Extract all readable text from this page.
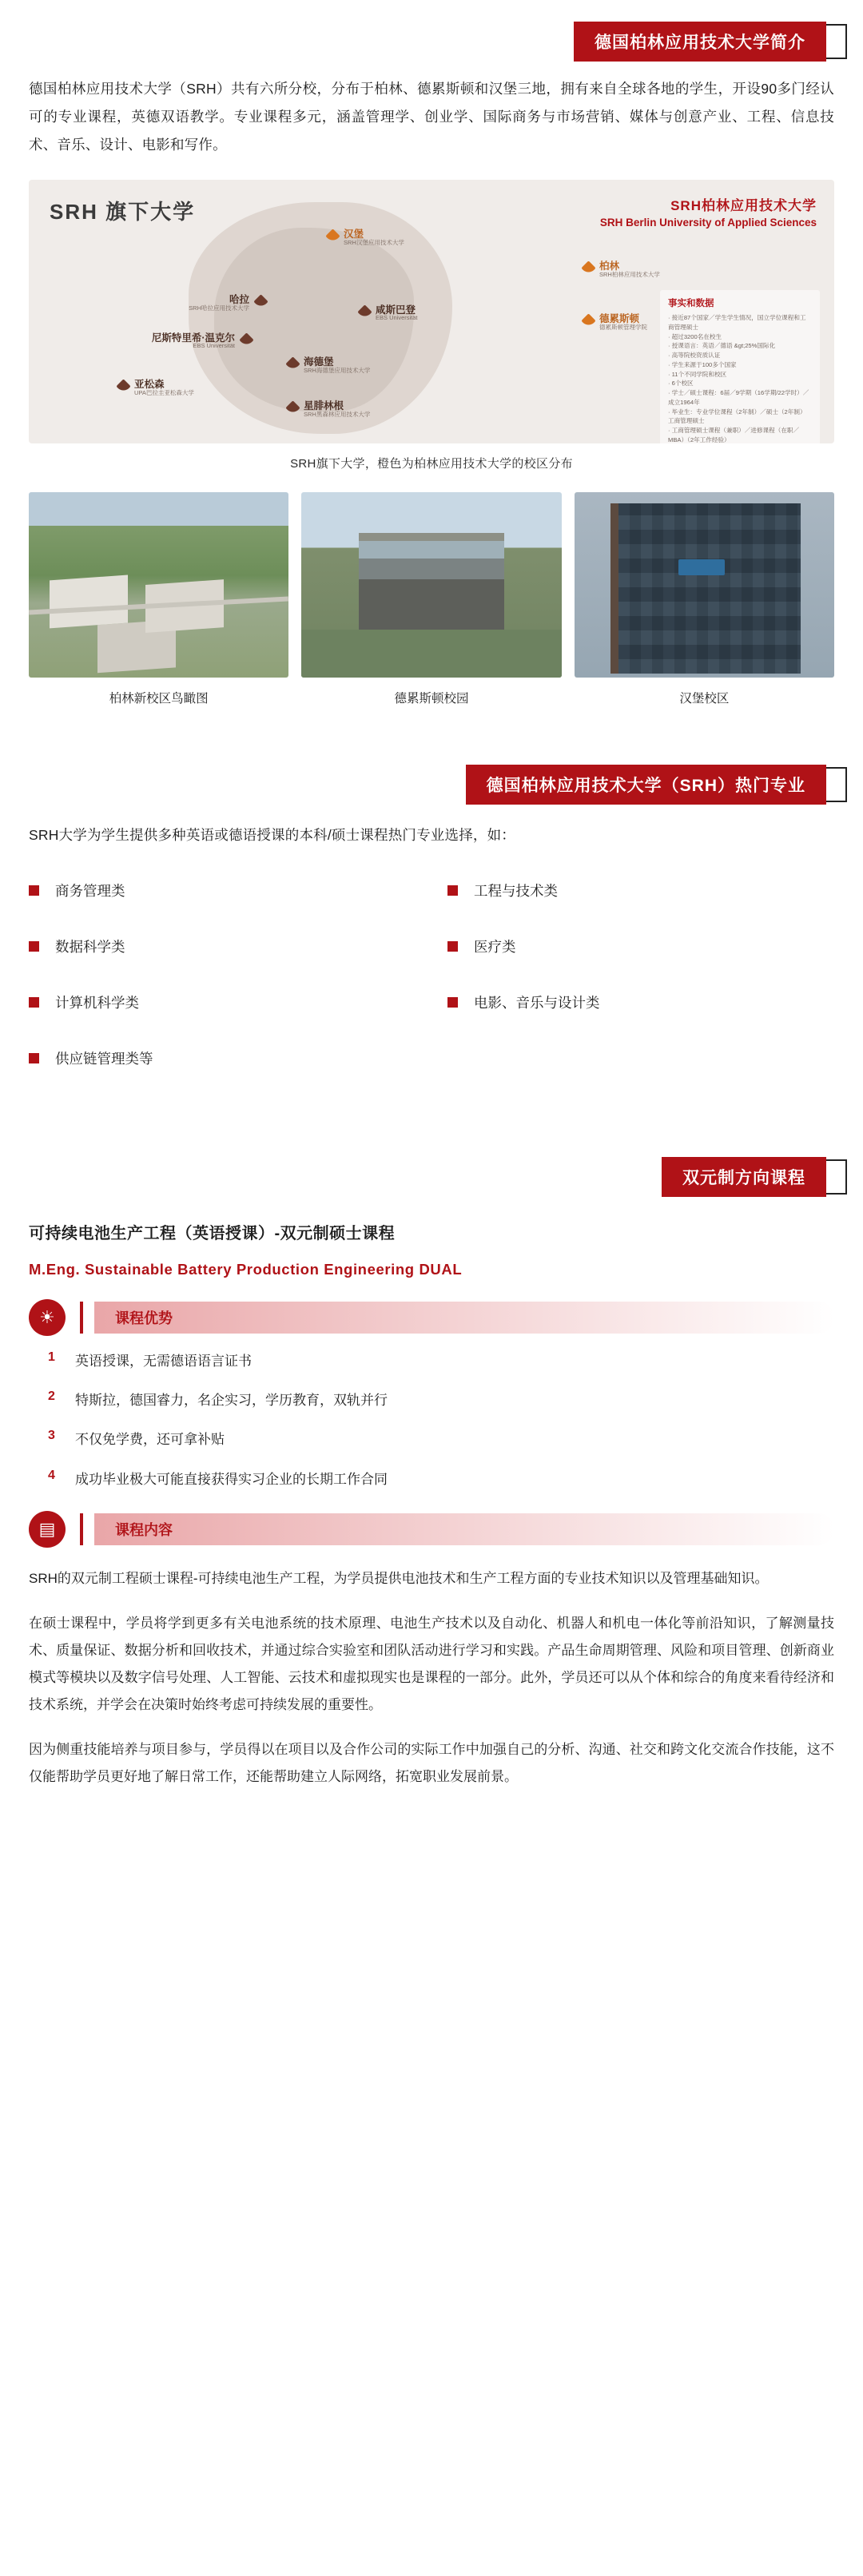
德国柏林应用技术大学简介
德国柏林应用技术大学（SRH）共有六所分校，分布于柏林、德累斯顿和汉堡三地，拥有来自全球各地的学生，开设90多门经认可的专业课程，英德双语教学。专业课程多元，涵盖管理学、创业学、国际商务与市场营销、媒体与创意产业、工程、信息技术、音乐、设计、电影和写作。
SRH 旗下大学	SRH柏林应用技术大学
SRH Berlin University of Applied Sciences
汉堡
SRH汉堡应用技术大学
柏林
SRH柏林应用技术大学
德累斯顿
德累斯顿管理学院
哈拉
SRH哈拉应用技术大学
尼斯特里希·温克尔
EBS Universität
咸斯巴登
EBS Universität
海德堡
SRH海德堡应用技术大学
星腓林根
SRH黑森林应用技术大学
亚松森
UPA巴拉圭亚松森大学
事实和数据
· 接近87个国家／学生学生情况，国立学位课程和工商管理硕士
· 超过3200名在校生
· 授课语言：英语／德语 &gt;25%国际化
· 高等院校资质认证
· 学生来源于100多个国家
· 11个不同学院和校区
· 6个校区
· 学士／硕士课程：6届／9学期（16学期/22学时）／成立1964年
· 毕业生：专业学位课程（2年制）／硕士（2年制）工商管理硕士
· 工商管理硕士课程（兼职）／进修课程（在职／MBA）（2年工作经验）
SRH旗下大学，橙色为柏林应用技术大学的校区分布
柏林新校区鸟瞰图	德累斯顿校园	汉堡校区
德国柏林应用技术大学（SRH）热门专业
SRH大学为学生提供多种英语或德语授课的本科/硕士课程热门专业选择，如：
商务管理类	工程与技术类
数据科学类	医疗类
计算机科学类	电影、音乐与设计类
供应链管理类等
双元制方向课程
可持续电池生产工程（英语授课）-双元制硕士课程
M.Eng. Sustainable Battery Production Engineering DUAL
☀	课程优势
1	英语授课，无需德语语言证书
2	特斯拉，德国睿力，名企实习，学历教育，双轨并行
3	不仅免学费，还可拿补贴
4	成功毕业极大可能直接获得实习企业的长期工作合同
▤	课程内容
SRH的双元制工程硕士课程-可持续电池生产工程，为学员提供电池技术和生产工程方面的专业技术知识以及管理基础知识。
在硕士课程中，学员将学到更多有关电池系统的技术原理、电池生产技术以及自动化、机器人和机电一体化等前沿知识，了解测量技术、质量保证、数据分析和回收技术，并通过综合实验室和团队活动进行学习和实践。产品生命周期管理、风险和项目管理、创新商业模式等模块以及数字信号处理、人工智能、云技术和虚拟现实也是课程的一部分。此外，学员还可以从个体和综合的角度来看待经济和技术系统，并学会在决策时始终考虑可持续发展的重要性。
因为侧重技能培养与项目参与，学员得以在项目以及合作公司的实际工作中加强自己的分析、沟通、社交和跨文化交流合作技能，这不仅能帮助学员更好地了解日常工作，还能帮助建立人际网络，拓宽职业发展前景。
